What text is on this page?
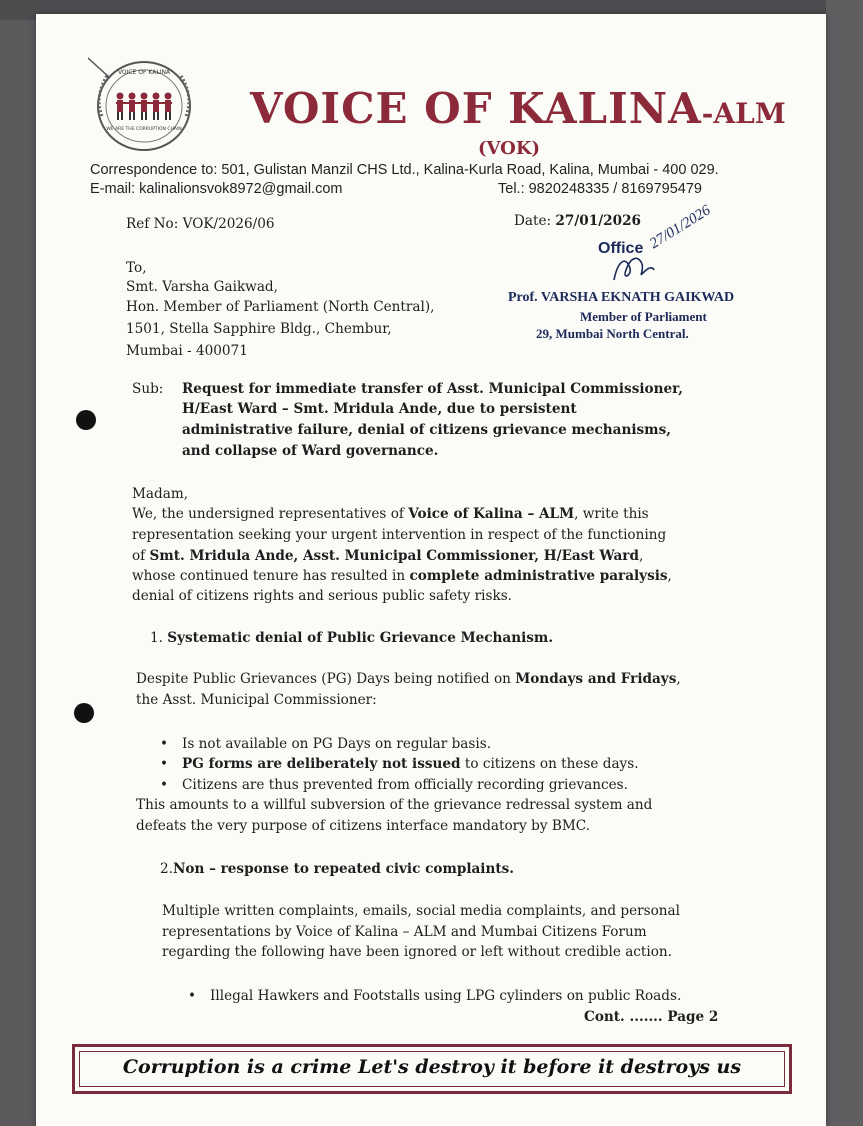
VOICE OF KALINA
WE ARE THE CORRUPTION CHAIN VOICE OF KALINA-ALM
(VOK)
Correspondence to: 501, Gulistan Manzil CHS Ltd., Kalina-Kurla Road, Kalina, Mumbai - 400 029.
E-mail: kalinalionsvok8972@gmail.com	Tel.: 9820248335 / 8169795479
Ref No: VOK/2026/06	Date: 27/01/2026
Office 27/01/2026
Prof. VARSHA EKNATH GAIKWAD
Member of Parliament
29, Mumbai North Central.
To,
Smt. Varsha Gaikwad,
Hon. Member of Parliament (North Central),
1501, Stella Sapphire Bldg., Chembur,
Mumbai - 400071
Sub: Request for immediate transfer of Asst. Municipal Commissioner,
H/East Ward – Smt. Mridula Ande, due to persistent
administrative failure, denial of citizens grievance mechanisms,
and collapse of Ward governance.
Madam,
We, the undersigned representatives of Voice of Kalina – ALM, write this
representation seeking your urgent intervention in respect of the functioning
of Smt. Mridula Ande, Asst. Municipal Commissioner, H/East Ward,
whose continued tenure has resulted in complete administrative paralysis,
denial of citizens rights and serious public safety risks.
1. Systematic denial of Public Grievance Mechanism.
Despite Public Grievances (PG) Days being notified on Mondays and Fridays,
the Asst. Municipal Commissioner:
• Is not available on PG Days on regular basis.
• PG forms are deliberately not issued to citizens on these days.
• Citizens are thus prevented from officially recording grievances.
This amounts to a willful subversion of the grievance redressal system and
defeats the very purpose of citizens interface mandatory by BMC.
2.Non – response to repeated civic complaints.
Multiple written complaints, emails, social media complaints, and personal
representations by Voice of Kalina – ALM and Mumbai Citizens Forum
regarding the following have been ignored or left without credible action.
• Illegal Hawkers and Footstalls using LPG cylinders on public Roads.
Cont. ....... Page 2
Corruption is a crime Let's destroy it before it destroys us
